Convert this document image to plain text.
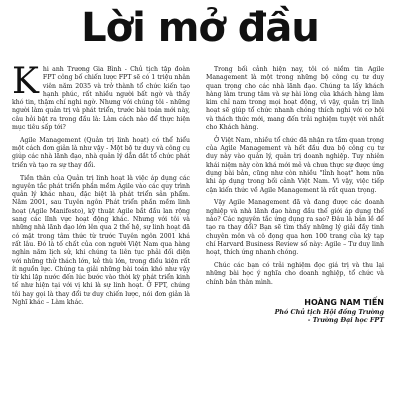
Lời mở đầu

Khi anh Trương Gia Bình - Chủ tịch tập đoàn FPT công bố chiến lược FPT sẽ có 1 triệu nhân viên năm 2035 và trở thành tổ chức kiến tạo hạnh phúc, rất nhiều người bất ngờ và thấy khó tin, thậm chí nghi ngờ. Nhưng với chúng tôi - những người làm quản trị và phát triển, trước bài toán mới này, câu hỏi bật ra trong đầu là: Làm cách nào để thực hiện mục tiêu sấp tới?

Agile Management (Quản trị linh hoạt) có thể hiểu một cách đơn giản là như vậy - Một bộ tư duy và công cụ giúp các nhà lãnh đạo, nhà quản lý dẫn dắt tổ chức phát triển và tạo ra sự thay đổi.

Tiền thân của Quản trị linh hoạt là việc áp dụng các nguyên tắc phát triển phần mềm Agile vào các quy trình quản lý khác nhau, đặc biệt là phát triển sản phẩm. Năm 2001, sau Tuyên ngôn Phát triển phần mềm linh hoạt (Agile Manifesto), kỹ thuật Agile bắt đầu lan rộng sang các lĩnh vực hoạt động khác. Nhưng với tôi và những nhà lãnh đạo lớn lên qua 2 thế hệ, sự linh hoạt đã có mặt trong tâm thức từ trước Tuyên ngôn 2001 khá rất lâu. Đó là tố chất của con người Việt Nam qua hàng nghìn năm lịch sử, khi chúng ta liên tục phải đối diện với những thử thách lớn, kẻ thù lớn, trong điều kiện rất ít nguồn lực. Chúng ta giải những bài toán khó như vậy từ khi lập nước đến lúc bước vào thời kỳ phát triển kinh tế như hiện tại với vị khi là sự linh hoạt. Ở FPT, chúng tôi hay gọi là thay đổi tư duy chiến lược, nói đơn giản là Nghĩ khác – Làm khác.

Trong bối cảnh hiện nay, tôi có niềm tin Agile Management là một trong những bộ công cụ tư duy quan trọng cho các nhà lãnh đạo. Chúng ta lấy khách hàng làm trung tâm và sự hài lòng của khách hàng làm kim chỉ nam trong mọi hoạt động, vì vậy, quản trị linh hoạt sẽ giúp tổ chức nhanh chóng thích nghi với cơ hội và thách thức mới, mang đến trải nghiệm tuyệt vời nhất cho Khách hàng.

Ở Việt Nam, nhiều tổ chức đã nhận ra tầm quan trọng của Agile Management và hết đầu đưa bộ công cụ tư duy này vào quản lý, quản trị doanh nghiệp. Tuy nhiên khái niệm này còn khá mới mẻ và chưa thực sự được ứng dụng bài bản, cũng như còn nhiều "lỉnh hoạt" hơm nữa khi áp dụng trong bối cảnh Việt Nam. Vì vậy, việc tiếp cận kiến thức về Agile Management là rất quan trọng.

Vậy Agile Management đã và đang được các doanh nghiệp và nhà lãnh đạo hàng đầu thế giới áp dụng thế nào? Các nguyên tắc ứng dụng ra sao? Đâu là bản lề để tạo ra thay đổi? Bạn sẽ tìm thấy những lý giải đầy tinh chuyên môn và cô đọng qua hơn 100 trang của kỳ tạp chí Harvard Business Review số này: Agile – Tư duy linh hoạt, thích ứng nhanh chóng.

Chúc các bạn có trải nghiệm đọc giá trị và thu lại những bài học ý nghĩa cho doanh nghiệp, tổ chức và chính bản thân mình.

HOÀNG NAM TIẾN
Phó Chủ tịch Hội đồng Trường
- Trường Đại học FPT
